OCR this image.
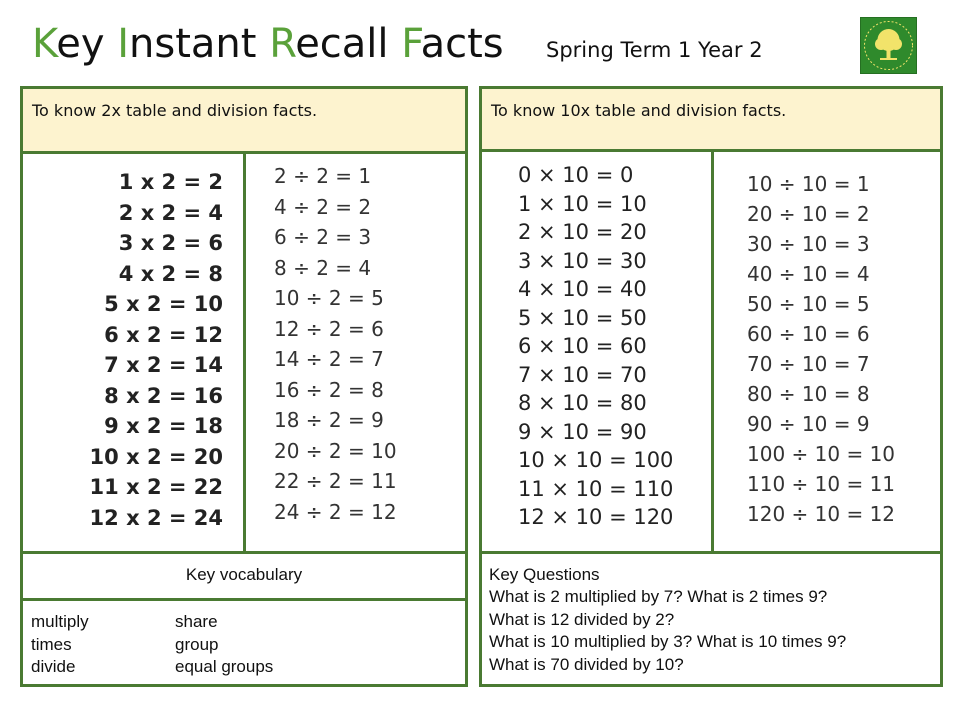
Key Instant Recall Facts Spring Term 1 Year 2
To know 2x table and division facts.
1 x 2 = 2
2 x 2 = 4
3 x 2 = 6
4 x 2 = 8
5 x 2 = 10
6 x 2 = 12
7 x 2 = 14
8 x 2 = 16
9 x 2 = 18
10 x 2 = 20
11 x 2 = 22
12 x 2 = 24
2 ÷ 2 = 1
4 ÷ 2 = 2
6 ÷ 2 = 3
8 ÷ 2 = 4
10 ÷ 2 = 5
12 ÷ 2 = 6
14 ÷ 2 = 7
16 ÷ 2 = 8
18 ÷ 2 = 9
20 ÷ 2 = 10
22 ÷ 2 = 11
24 ÷ 2 = 12
Key vocabulary
multiply
times
divide
share
group
equal groups
To know 10x table and division facts.
0 × 10 = 0
1 × 10 = 10
2 × 10 = 20
3 × 10 = 30
4 × 10 = 40
5 × 10 = 50
6 × 10 = 60
7 × 10 = 70
8 × 10 = 80
9 × 10 = 90
10 × 10 = 100
11 × 10 = 110
12 × 10 = 120
10 ÷ 10 = 1
20 ÷ 10 = 2
30 ÷ 10 = 3
40 ÷ 10 = 4
50 ÷ 10 = 5
60 ÷ 10 = 6
70 ÷ 10 = 7
80 ÷ 10 = 8
90 ÷ 10 = 9
100 ÷ 10 = 10
110 ÷ 10 = 11
120 ÷ 10 = 12
Key Questions
What is 2 multiplied by 7? What is 2 times 9?
What is 12 divided by 2?
What is 10 multiplied by 3? What is 10 times 9?
What is 70 divided by 10?
